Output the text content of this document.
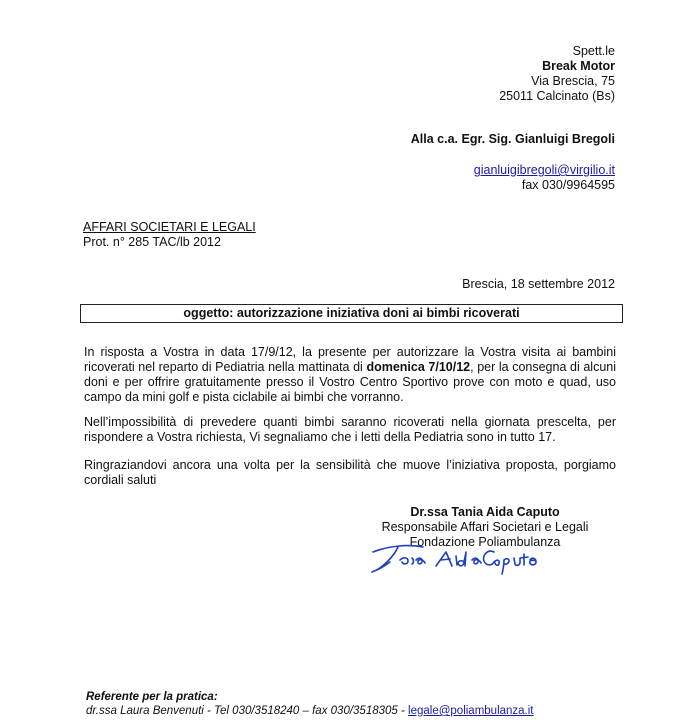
Spett.le
Break Motor
Via Brescia, 75
25011 Calcinato (Bs)
Alla c.a. Egr. Sig. Gianluigi Bregoli
gianluigibregoli@virgilio.it
fax 030/9964595
AFFARI SOCIETARI E LEGALI
Prot. n° 285 TAC/lb 2012
Brescia, 18 settembre 2012
oggetto: autorizzazione iniziativa doni ai bimbi ricoverati
In risposta a Vostra in data 17/9/12, la presente per autorizzare la Vostra visita ai bambini ricoverati nel reparto di Pediatria nella mattinata di domenica 7/10/12, per la consegna di alcuni doni e per offrire gratuitamente presso il Vostro Centro Sportivo prove con moto e quad, uso campo da mini golf e pista ciclabile ai bimbi che vorranno.
Nell’impossibilità di prevedere quanti bimbi saranno ricoverati nella giornata prescelta, per rispondere a Vostra richiesta, Vi segnaliamo che i letti della Pediatria sono in tutto 17.
Ringraziandovi ancora una volta per la sensibilità che muove l’iniziativa proposta, porgiamo cordiali saluti
Dr.ssa Tania Aida Caputo
Responsabile Affari Societari e Legali
Fondazione Poliambulanza
Referente per la pratica:
dr.ssa Laura Benvenuti - Tel 030/3518240 – fax 030/3518305 - legale@poliambulanza.it
